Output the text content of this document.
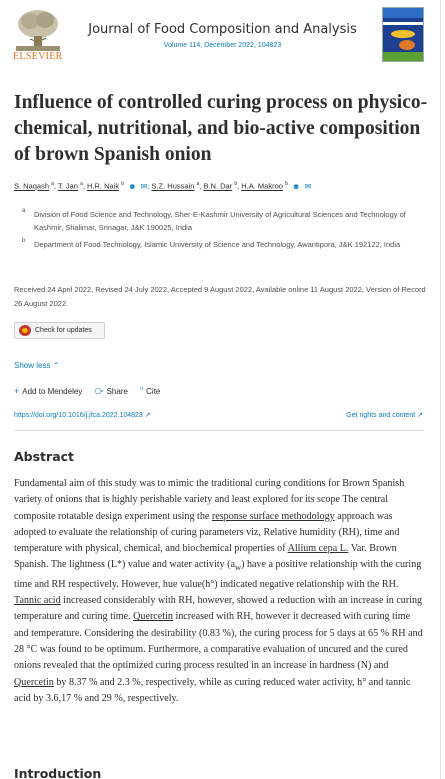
ELSEVIER
Journal of Food Composition and Analysis
Volume 114, December 2022, 104823
Influence of controlled curing process on physico-chemical, nutritional, and bio-active composition of brown Spanish onion
S. Naqash $^a$, T. Jan $^a$, H.R. Naik $^b$ ☻ ✉, S.Z. Hussain $^a$, B.N. Dar $^b$, H.A. Makroo $^b$ ☻ ✉
a Division of Food Science and Technology, Sher-E-Kashmir University of Agricultural Sciences and Technology of Kashmir, Shalimar, Srinagar, J&K 190025, India
b Department of Food Technology, Islamic University of Science and Technology, Awantipora, J&K 192122, India
Received 24 April 2022, Revised 24 July 2022, Accepted 9 August 2022, Available online 11 August 2022, Version of Record 26 August 2022.
Check for updates
Show less ⌃
+ Add to Mendeley ⧂ Share ” Cite
https://doi.org/10.1016/j.jfca.2022.104823 ↗	Get rights and content ↗
Abstract

Fundamental aim of this study was to mimic the traditional curing conditions for Brown Spanish variety of onions that is highly perishable variety and least explored for its scope The central composite rotatable design experiment using the response surface methodology approach was adopted to evaluate the relationship of curing parameters viz, Relative humidity (RH), time and temperature with physical, chemical, and biochemical properties of Allium cepa L. Var. Brown Spanish. The lightness (L*) value and water activity $(a_w)$ have a positive relationship with the curing time and RH respectively. However, hue value(h°) indicated negative relationship with the RH. Tannic acid increased considerably with RH, however, showed a reduction with an increase in curing temperature and curing time. Quercetin increased with RH, however it decreased with curing time and temperature. Considering the desirability (0.83 %), the curing process for 5 days at 65 % RH and 28 °C was found to be optimum. Furthermore, a comparative evaluation of uncured and the cured onions revealed that the optimized curing process resulted in an increase in hardness (N) and Quercetin by 8.37 % and 2.3 %, respectively, while as curing reduced water activity, h° and tannic acid by 3.6,17 % and 29 %, respectively.

Introduction
